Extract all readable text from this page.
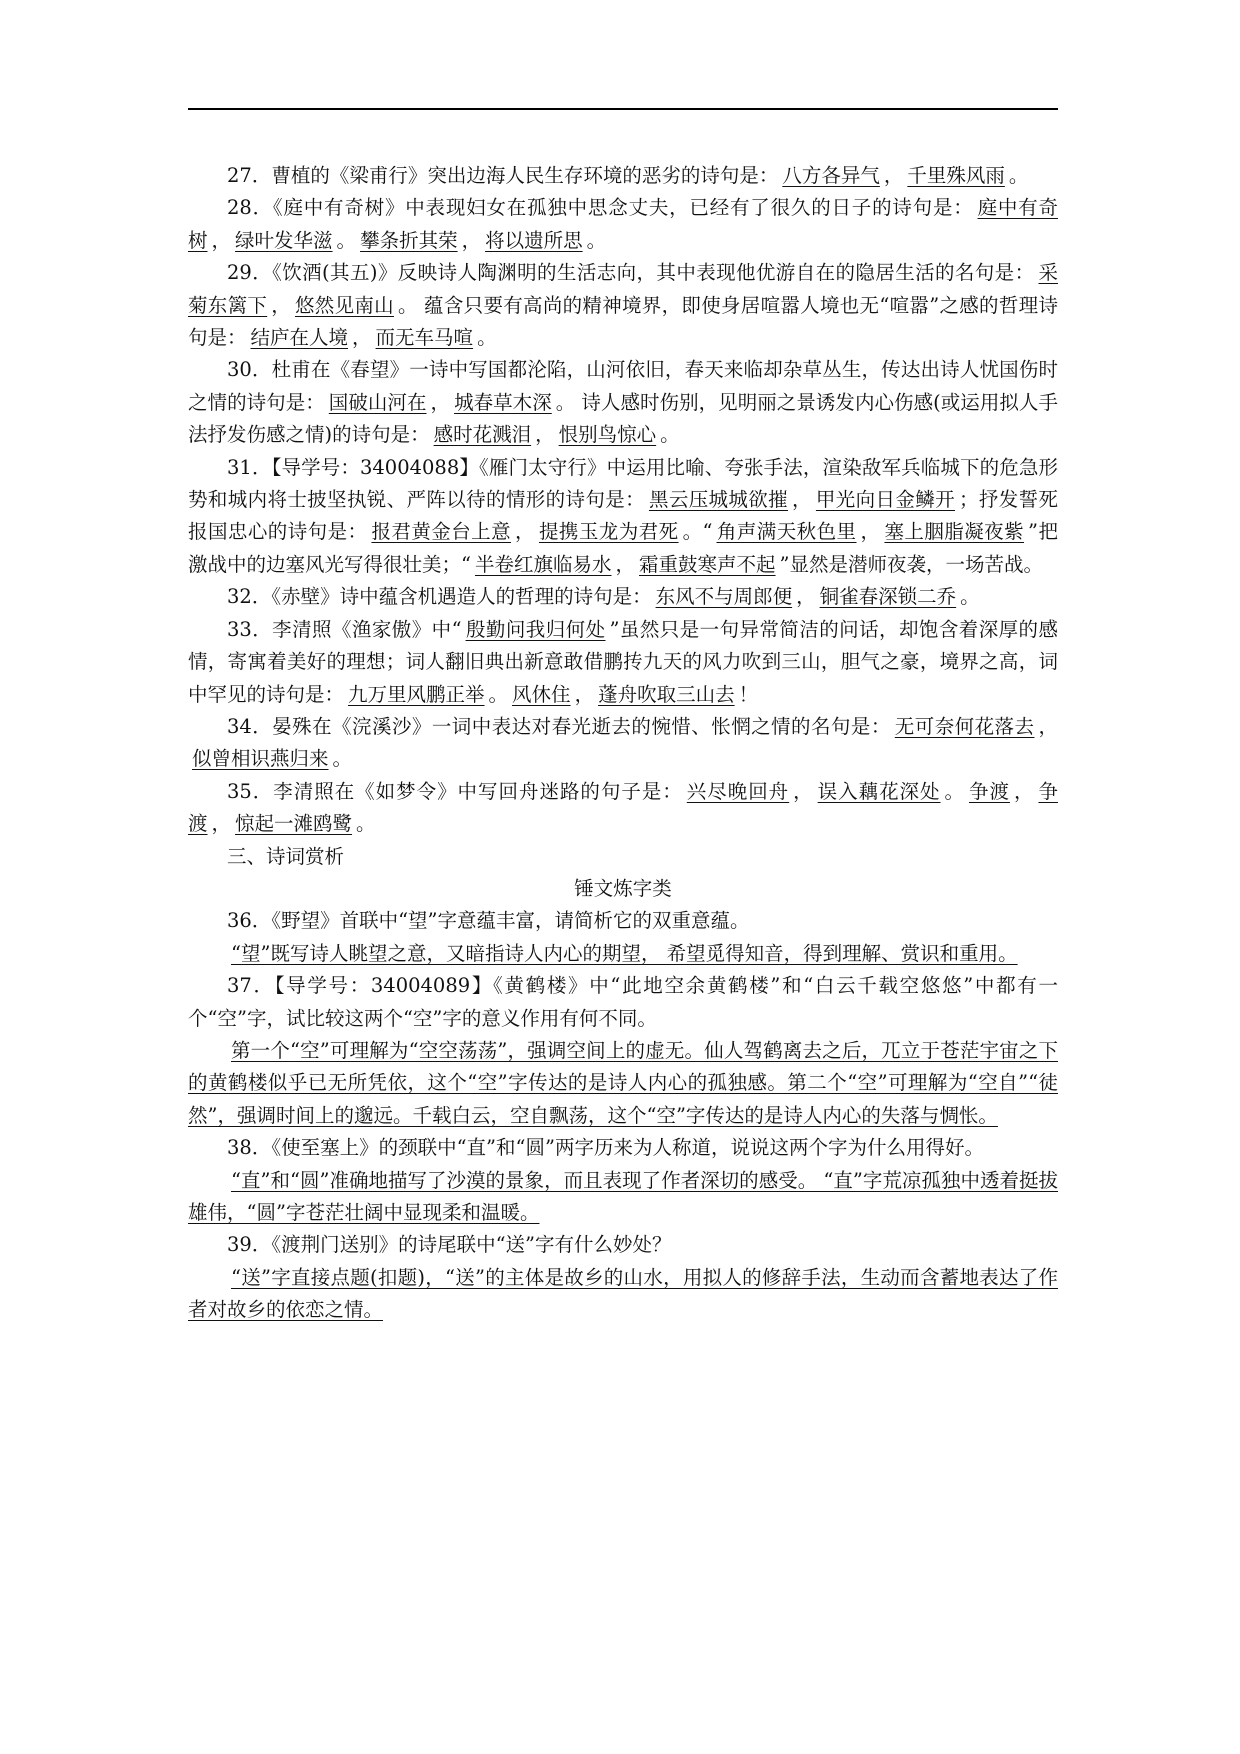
27．曹植的《梁甫行》突出边海人民生存环境的恶劣的诗句是： 八方各异气 ， 千里殊风雨 。

28．《庭中有奇树》中表现妇女在孤独中思念丈夫，已经有了很久的日子的诗句是： 庭中有奇树 ， 绿叶发华滋 。 攀条折其荣 ， 将以遗所思 。

29．《饮酒(其五)》反映诗人陶渊明的生活志向，其中表现他优游自在的隐居生活的名句是： 采菊东篱下 ， 悠然见南山 。 蕴含只要有高尚的精神境界，即使身居喧嚣人境也无“喧嚣”之感的哲理诗句是： 结庐在人境 ， 而无车马喧 。

30．杜甫在《春望》一诗中写国都沦陷，山河依旧，春天来临却杂草丛生，传达出诗人忧国伤时之情的诗句是： 国破山河在 ， 城春草木深 。 诗人感时伤别，见明丽之景诱发内心伤感(或运用拟人手法抒发伤感之情)的诗句是： 感时花溅泪 ， 恨别鸟惊心 。

31．【导学号：34004088】《雁门太守行》中运用比喻、夸张手法，渲染敌军兵临城下的危急形势和城内将士披坚执锐、严阵以待的情形的诗句是： 黑云压城城欲摧 ， 甲光向日金鳞开 ；抒发誓死报国忠心的诗句是： 报君黄金台上意 ， 提携玉龙为君死 。“ 角声满天秋色里 ， 塞上胭脂凝夜紫 ”把激战中的边塞风光写得很壮美；“ 半卷红旗临易水 ， 霜重鼓寒声不起 ”显然是潜师夜袭，一场苦战。

32．《赤壁》诗中蕴含机遇造人的哲理的诗句是： 东风不与周郎便 ， 铜雀春深锁二乔 。

33．李清照《渔家傲》中“ 殷勤问我归何处 ”虽然只是一句异常简洁的问话，却饱含着深厚的感情，寄寓着美好的理想；词人翻旧典出新意敢借鹏抟九天的风力吹到三山，胆气之豪，境界之高，词中罕见的诗句是： 九万里风鹏正举 。 风休住 ， 蓬舟吹取三山去 ！

34．晏殊在《浣溪沙》一词中表达对春光逝去的惋惜、怅惘之情的名句是： 无可奈何花落去 ，似曾相识燕归来 。

35．李清照在《如梦令》中写回舟迷路的句子是： 兴尽晚回舟 ， 误入藕花深处 。 争渡 ， 争渡 ， 惊起一滩鸥鹭 。

三、诗词赏析

锤文炼字类

36．《野望》首联中“望”字意蕴丰富，请简析它的双重意蕴。

“望”既写诗人眺望之意，又暗指诗人内心的期望， 希望觅得知音，得到理解、赏识和重用。

37．【导学号：34004089】《黄鹤楼》中“此地空余黄鹤楼”和“白云千载空悠悠”中都有一个“空”字，试比较这两个“空”字的意义作用有何不同。

第一个“空”可理解为“空空荡荡”，强调空间上的虚无。仙人驾鹤离去之后，兀立于苍茫宇宙之下的黄鹤楼似乎已无所凭依，这个“空”字传达的是诗人内心的孤独感。第二个“空”可理解为“空自”“徒然”，强调时间上的邈远。千载白云，空自飘荡，这个“空”字传达的是诗人内心的失落与惆怅。

38．《使至塞上》的颈联中“直”和“圆”两字历来为人称道，说说这两个字为什么用得好。

“直”和“圆”准确地描写了沙漠的景象，而且表现了作者深切的感受。 “直”字荒凉孤独中透着挺拔雄伟，“圆”字苍茫壮阔中显现柔和温暖。

39．《渡荆门送别》的诗尾联中“送”字有什么妙处？

“送”字直接点题(扣题)，“送”的主体是故乡的山水，用拟人的修辞手法，生动而含蓄地表达了作者对故乡的依恋之情。
